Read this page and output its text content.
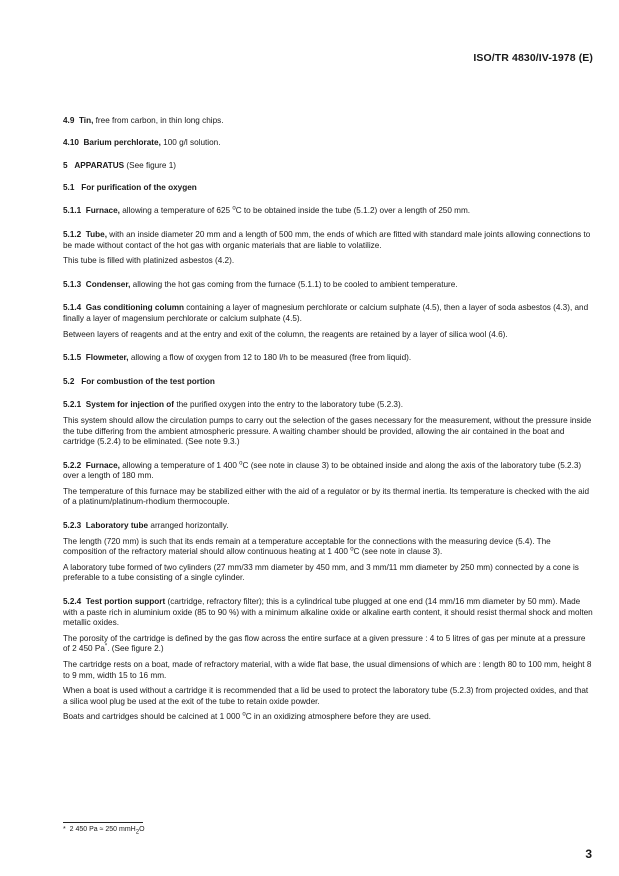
ISO/TR 4830/IV-1978 (E)

4.9 Tin, free from carbon, in thin long chips.

4.10 Barium perchlorate, 100 g/l solution.

5 APPARATUS (See figure 1)

5.1 For purification of the oxygen

5.1.1 Furnace, allowing a temperature of 625 $^o$C to be obtained inside the tube (5.1.2) over a length of 250 mm.

5.1.2 Tube, with an inside diameter 20 mm and a length of 500 mm, the ends of which are fitted with standard male joints allowing connections to be made without contact of the hot gas with organic materials that are liable to volatilize.

This tube is filled with platinized asbestos (4.2).

5.1.3 Condenser, allowing the hot gas coming from the furnace (5.1.1) to be cooled to ambient temperature.

5.1.4 Gas conditioning column containing a layer of magnesium perchlorate or calcium sulphate (4.5), then a layer of soda asbestos (4.3), and finally a layer of magensium perchlorate or calcium sulphate (4.5).

Between layers of reagents and at the entry and exit of the column, the reagents are retained by a layer of silica wool (4.6).

5.1.5 Flowmeter, allowing a flow of oxygen from 12 to 180 l/h to be measured (free from liquid).

5.2 For combustion of the test portion

5.2.1 System for injection of the purified oxygen into the entry to the laboratory tube (5.2.3).

This system should allow the circulation pumps to carry out the selection of the gases necessary for the measurement, without the pressure inside the tube differing from the ambient atmospheric pressure. A waiting chamber should be provided, allowing the air contained in the boat and cartridge (5.2.4) to be eliminated. (See note 9.3.)

5.2.2 Furnace, allowing a temperature of 1 400 $^o$C (see note in clause 3) to be obtained inside and along the axis of the laboratory tube (5.2.3) over a length of 180 mm.

The temperature of this furnace may be stabilized either with the aid of a regulator or by its thermal inertia. Its temperature is checked with the aid of a platinum/platinum-rhodium thermocouple.

5.2.3 Laboratory tube arranged horizontally.

The length (720 mm) is such that its ends remain at a temperature acceptable for the connections with the measuring device (5.4). The composition of the refractory material should allow continuous heating at 1 400 $^o$C (see note in clause 3).

A laboratory tube formed of two cylinders (27 mm/33 mm diameter by 450 mm, and 3 mm/11 mm diameter by 250 mm) connected by a cone is preferable to a tube consisting of a single cylinder.

5.2.4 Test portion support (cartridge, refractory filter); this is a cylindrical tube plugged at one end (14 mm/16 mm diameter by 50 mm). Made with a paste rich in aluminium oxide (85 to 90 %) with a minimum alkaline oxide or alkaline earth content, it should resist thermal shock and molten metallic oxides.

The porosity of the cartridge is defined by the gas flow across the entire surface at a given pressure : 4 to 5 litres of gas per minute at a pressure of 2 450 Pa*. (See figure 2.)

The cartridge rests on a boat, made of refractory material, with a wide flat base, the usual dimensions of which are : length 80 to 100 mm, height 8 to 9 mm, width 15 to 16 mm.

When a boat is used without a cartridge it is recommended that a lid be used to protect the laboratory tube (5.2.3) from projected oxides, and that a silica wool plug be used at the exit of the tube to retain oxide powder.

Boats and cartridges should be calcined at 1 000 $^o$C in an oxidizing atmosphere before they are used.

* 2 450 Pa ≈ 250 mmH$_2$O
3
